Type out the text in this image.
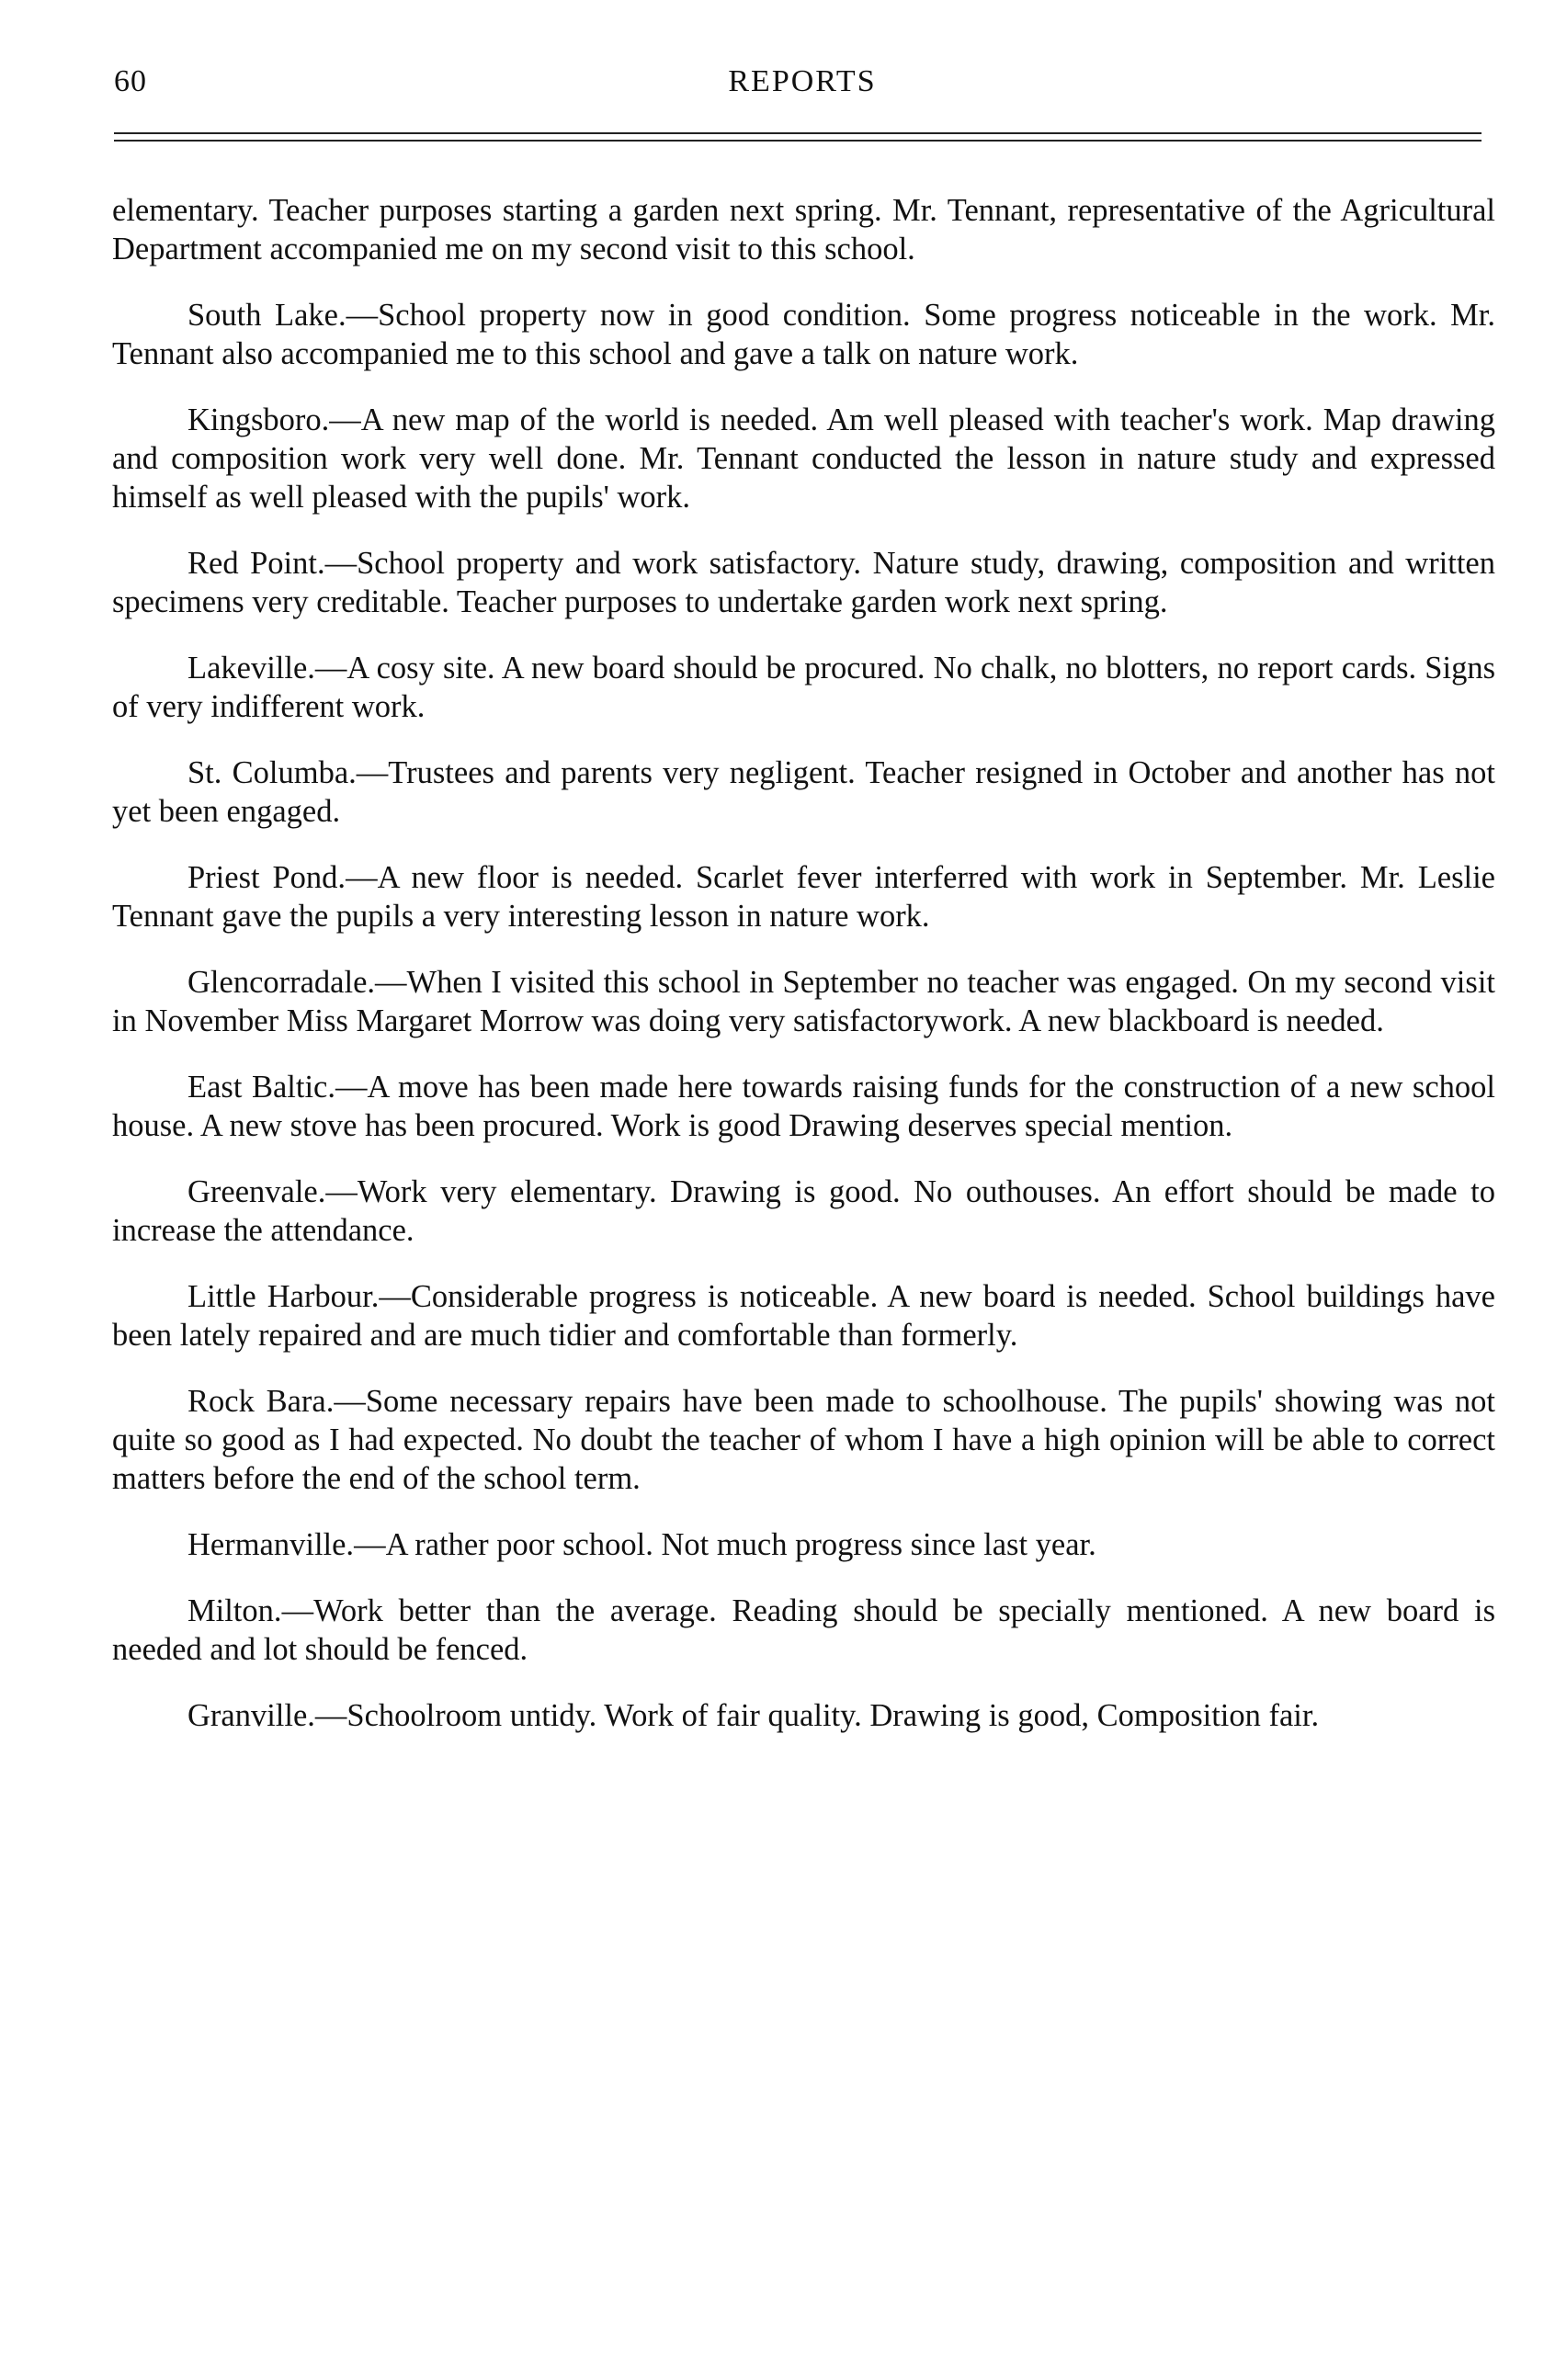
60	REPORTS

elementary. Teacher purposes starting a garden next spring. Mr. Tennant, representative of the Agricultural Department accompanied me on my second visit to this school.

South Lake.—School property now in good condition. Some progress noticeable in the work. Mr. Tennant also accompanied me to this school and gave a talk on nature work.

Kingsboro.—A new map of the world is needed. Am well pleased with teacher's work. Map drawing and composition work very well done. Mr. Tennant conducted the lesson in nature study and expressed himself as well pleased with the pupils' work.

Red Point.—School property and work satisfactory. Nature study, drawing, composition and written specimens very creditable. Teacher purposes to undertake garden work next spring.

Lakeville.—A cosy site. A new board should be procured. No chalk, no blotters, no report cards. Signs of very indifferent work.

St. Columba.—Trustees and parents very negligent. Teacher resigned in October and another has not yet been engaged.

Priest Pond.—A new floor is needed. Scarlet fever interferred with work in September. Mr. Leslie Tennant gave the pupils a very interesting lesson in nature work.

Glencorradale.—When I visited this school in September no teacher was engaged. On my second visit in November Miss Margaret Morrow was doing very satisfactorywork. A new blackboard is needed.

East Baltic.—A move has been made here towards raising funds for the construction of a new school house. A new stove has been procured. Work is good Drawing deserves special mention.

Greenvale.—Work very elementary. Drawing is good. No outhouses. An effort should be made to increase the attendance.

Little Harbour.—Considerable progress is noticeable. A new board is needed. School buildings have been lately repaired and are much tidier and comfortable than formerly.

Rock Bara.—Some necessary repairs have been made to schoolhouse. The pupils' showing was not quite so good as I had expected. No doubt the teacher of whom I have a high opinion will be able to correct matters before the end of the school term.

Hermanville.—A rather poor school. Not much progress since last year.

Milton.—Work better than the average. Reading should be specially mentioned. A new board is needed and lot should be fenced.

Granville.—Schoolroom untidy. Work of fair quality. Drawing is good, Composition fair.
